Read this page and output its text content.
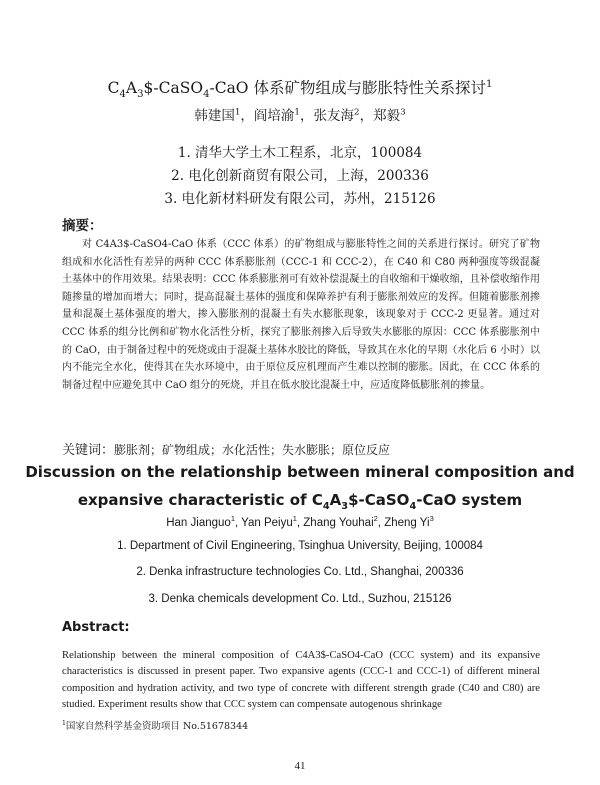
$C_4A_3\$-CaSO_4$-CaO 体系矿物组成与膨胀特性关系探讨$^1$
韩建国$^1$，阎培渝$^1$，张友海$^2$，郑毅$^3$
1. 清华大学土木工程系，北京，100084
2. 电化创新商贸有限公司，上海，200336
3. 电化新材料研发有限公司，苏州，215126
摘要：
对 C4A3$-CaSO4-CaO 体系（CCC 体系）的矿物组成与膨胀特性之间的关系进行探讨。研究了矿物组成和水化活性有差异的两种 CCC 体系膨胀剂（CCC-1 和 CCC-2），在 C40 和 C80 两种强度等级混凝土基体中的作用效果。结果表明：CCC 体系膨胀剂可有效补偿混凝土的自收缩和干燥收缩，且补偿收缩作用随掺量的增加而增大；同时，提高混凝土基体的强度和保障养护有利于膨胀剂效应的发挥。但随着膨胀剂掺量和混凝土基体强度的增大，掺入膨胀剂的混凝土有失水膨胀现象，该现象对于 CCC-2 更显著。通过对 CCC 体系的组分比例和矿物水化活性分析，探究了膨胀剂掺入后导致失水膨胀的原因：CCC 体系膨胀剂中的 CaO，由于制备过程中的死烧或由于混凝土基体水胶比的降低，导致其在水化的早期（水化后 6 小时）以内不能完全水化，使得其在失水环境中，由于原位反应机理而产生难以控制的膨胀。因此，在 CCC 体系的制备过程中应避免其中 CaO 组分的死烧，并且在低水胶比混凝土中，应适度降低膨胀剂的掺量。
关键词：膨胀剂；矿物组成；水化活性；失水膨胀；原位反应
Discussion on the relationship between mineral composition and
expansive characteristic of $C_4A_3\$-CaSO_4$-CaO system
Han Jianguo$^1$, Yan Peiyu$^1$, Zhang Youhai$^2$, Zheng Yi$^3$
1. Department of Civil Engineering, Tsinghua University, Beijing, 100084
2. Denka infrastructure technologies Co. Ltd., Shanghai, 200336
3. Denka chemicals development Co. Ltd., Suzhou, 215126
Abstract:
Relationship between the mineral composition of C4A3$-CaSO4-CaO (CCC system) and its expansive characteristics is discussed in present paper. Two expansive agents (CCC-1 and CCC-1) of different mineral composition and hydration activity, and two type of concrete with different strength grade (C40 and C80) are studied. Experiment results show that CCC system can compensate autogenous shrinkage
$^1$国家自然科学基金资助项目 No.51678344
41
